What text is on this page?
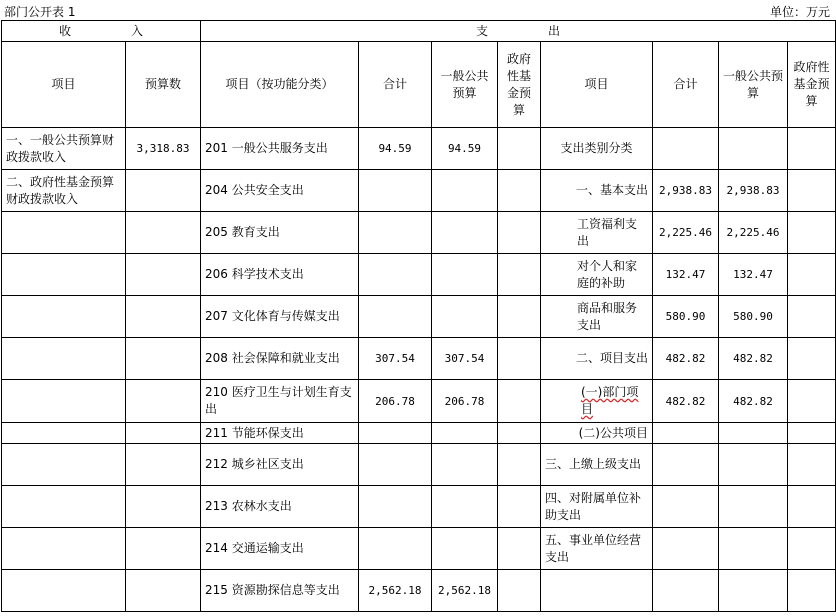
部门公开表 1	单位：万元
收　　　　　入		支　　　　　出							
项目	预算数	项目（按功能分类）	合计	一般公共预算	政府性基金预算	项目	合计	一般公共预算	政府性基金预算
一、一般公共预算财政拨款收入	3,318.83	201 一般公共服务支出	94.59	94.59		支出类别分类			
二、政府性基金预算财政拨款收入		204 公共安全支出				一、基本支出	2,938.83	2,938.83	
		205 教育支出				工资福利支出	2,225.46	2,225.46	
		206 科学技术支出				对个人和家庭的补助	132.47	132.47	
		207 文化体育与传媒支出				商品和服务支出	580.90	580.90	
		208 社会保障和就业支出	307.54	307.54		二、项目支出	482.82	482.82	
		210 医疗卫生与计划生育支出	206.78	206.78		(一)部门项目	482.82	482.82	
		211 节能环保支出				(二)公共项目			
		212 城乡社区支出				三、上缴上级支出			
		213 农林水支出				四、对附属单位补助支出			
		214 交通运输支出				五、事业单位经营支出			
		215 资源勘探信息等支出	2,562.18	2,562.18					
